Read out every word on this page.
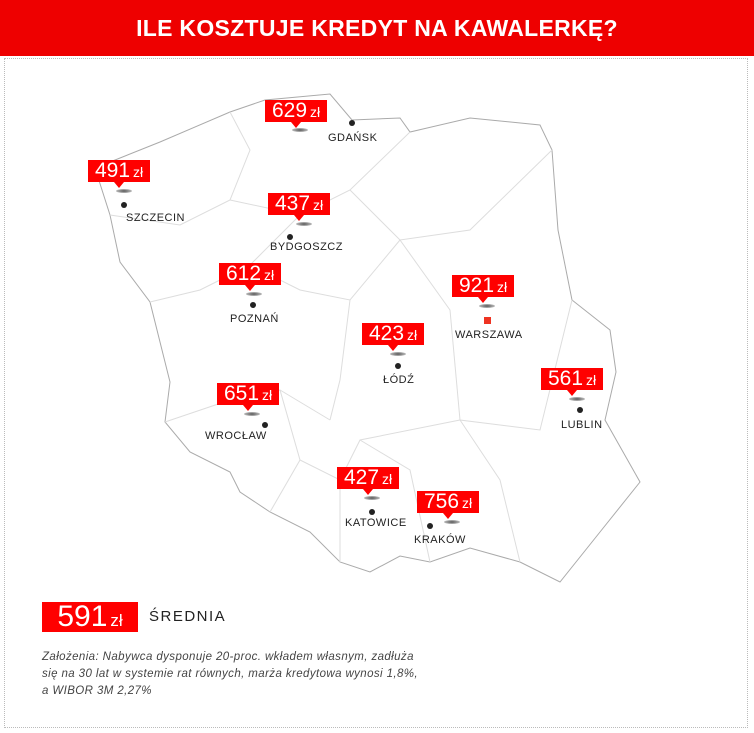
ILE KOSZTUJE KREDYT NA KAWALERKĘ?
629 zł
GDAŃSK
491 zł
SZCZECIN
437 zł
BYDGOSZCZ
612 zł
POZNAŃ
921 zł
WARSZAWA
423 zł
ŁÓDŹ	561 zł
LUBLIN
651 zł
WROCŁAW
427 zł
KATOWICE
756 zł
KRAKÓW
591 zł ŚREDNIA
Założenia: Nabywca dysponuje 20-proc. wkładem własnym, zadłuża się na 30 lat w systemie rat równych, marża kredytowa wynosi 1,8%, a WIBOR 3M 2,27%
